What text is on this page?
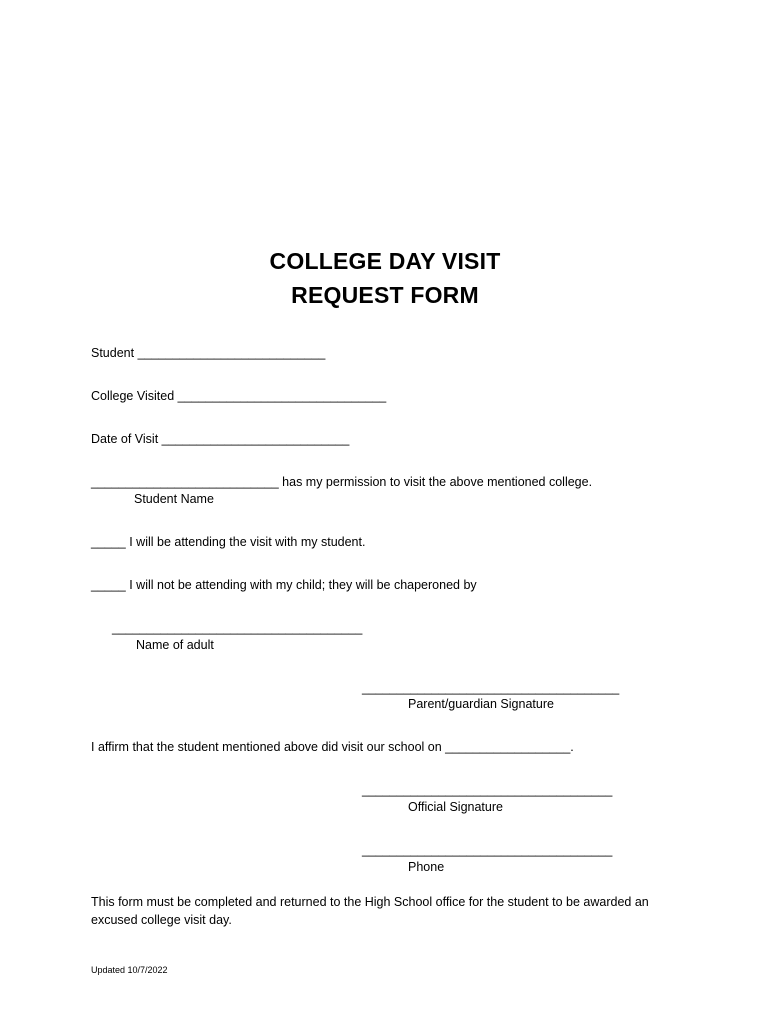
COLLEGE DAY VISIT
REQUEST FORM
Student ___________________________
College Visited ______________________________
Date of Visit ___________________________
___________________________ has my permission to visit the above mentioned college.
Student Name
_____ I will be attending the visit with my student.
_____ I will not be attending with my child; they will be chaperoned by
____________________________________
Name of adult
_____________________________________
Parent/guardian Signature
I affirm that the student mentioned above did visit our school on __________________.
____________________________________
Official Signature
____________________________________
Phone
This form must be completed and returned to the High School office for the student to be awarded an
excused college visit day.
Updated 10/7/2022
